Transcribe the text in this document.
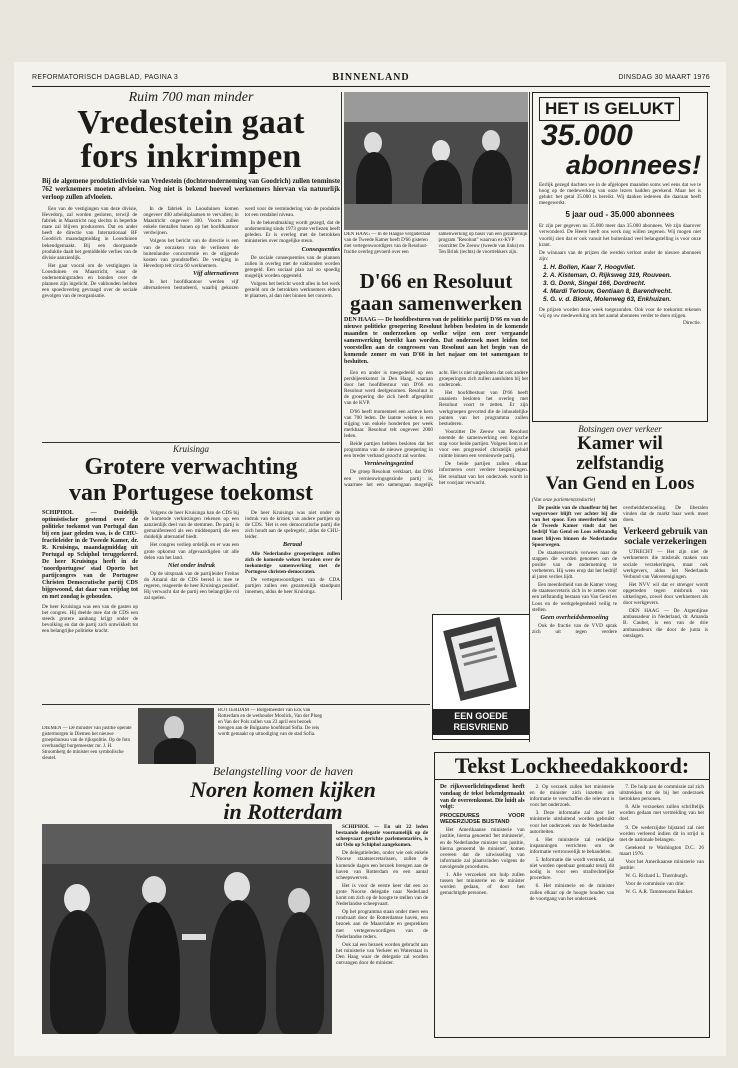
REFORMATORISCH DAGBLAD, PAGINA 3	BINNENLAND	DINSDAG 30 MAART 1976
Ruim 700 man minder
Vredestein gaat
fors inkrimpen
Bij de algemene produktiedivisie van Vredestein (dochteronderneming van Goodrich) zullen tenminste 762 werknemers moeten afvloeien. Nog niet is bekend hoeveel werknemers hiervan via natuurlijk verloop zullen afvloeien.

Een van de vestigingen van deze divisie, Hevedorp, zal worden gesloten, terwijl de fabriek in Maastricht nog slechts in beperkte mate zal blijven produceren. Dat en ander heeft de directie van Internationaal BF Goodrich maandagmiddag in Loosduinen bekendgemaakt. Bij een doorgaande produktie daalt het gemiddelde verlies van de divisie aanzienlijk.

Het gaat vooral om de vestigingen in Loosduinen en Maastricht, waar de ondernemingsraden en bonden over de plannen zijn ingelicht. De vakbonden hebben een spoedoverleg gevraagd over de sociale gevolgen van de reorganisatie.

In de fabriek in Loosduinen komen ongeveer 400 arbeidsplaatsen te vervallen; in Maastricht ongeveer 300. Voorts zullen enkele tientallen banen op het hoofdkantoor verdwijnen.

Volgens het bericht van de directie is een van de oorzaken van de verliezen de buitenlandse concurrentie en de stijgende kosten van grondstoffen. De vestiging in Hevedorp telt circa 60 werknemers.

Vijf alternatieven

In het hoofdkantoor werden vijf alternatieven bestudeerd, waarbij gekozen werd voor de vermindering van de produktie tot een rendabel niveau.

In de bekendmaking wordt gezegd, dat de onderneming sinds 1973 grote verliezen heeft geleden. Er is overleg met de betrokken ministeries over mogelijke steun.

Consequenties

De sociale consequenties van de plannen zullen in overleg met de vakbonden worden geregeld. Een sociaal plan zal zo spoedig mogelijk worden opgesteld.

Volgens het bericht wordt alles in het werk gesteld om de betrokken werknemers elders te plaatsen, al dan niet binnen het concern.

DEN HAAG — In de Haagse vergaderzaal van de Tweede Kamer heeft D'66 gisteren met vertegenwoordigers van de Resoluut-fractie overleg gevoerd over een samenwerking op basis van een gezamenlijk program "Resoluut" waarvan ex-KVP voorzitter De Zeeuw (tweede van links) en Ten Brink (rechts) de voortrekkers zijn.
D'66 en Resoluut
gaan samenwerken
DEN HAAG — De hoofdbesturen van de politieke partij D'66 en van de nieuwe politieke groepering Resoluut hebben besloten in de komende maanden te onderzoeken op welke wijze een zeer vergaande samenwerking bereikt kan worden. Dat onderzoek moet leiden tot voorstellen aan de congressen van Resoluut aan het begin van de komende zomer en van D'66 in het najaar om tot samengaan te besluiten.

Een en ander is meegedeeld op een persbijeenkomst in Den Haag, waaraan door het hoofdbestuur van D'66 en Resoluut werd deelgenomen. Resoluut is de groepering die zich heeft afgesplitst van de KVP.

D'66 heeft momenteel een actieve kern van 700 leden. De laatste weken is een stijging van enkele honderden per week merkbaar. Resoluut telt ongeveer 2000 leden.

Beide partijen hebben besloten dat het programma van de nieuwe groepering in een breder verband gezocht zal worden.

Verniewingsgezind

De groep Resoluut verklaart, dat D'66 een vernieuwingsgezinde partij is, waarmee het een samengaan mogelijk acht. Het is niet uitgesloten dat ook andere groeperingen zich zullen aansluiten bij het onderzoek.

Het hoofdbestuur van D'66 heeft unaniem besloten het overleg met Resoluut voort te zetten. Er zijn werkgroepen gevormd die de inhoudelijke punten van het programma zullen bestuderen.

Voorzitter De Zeeuw van Resoluut noemde de samenwerking een logische stap voor beide partijen. Volgens hem is er voor een progressief christelijk geluid ruimte binnen een vernieuwde partij.

De beide partijen zullen elkaar informeren over verdere besprekingen. Het resultaat van het onderzoek wordt in het voorjaar verwacht.

HET IS GELUKT
35.000
abonnees!
Eerlijk gezegd dachten we in de afgelopen maanden soms wel eens dat we te hoog op de medewerking van onze lezers hadden gerekend. Maar het is gelukt: het getal 35.000 is bereikt. Wij danken iedereen die daaraan heeft meegewerkt.
5 jaar oud - 35.000 abonnees
Er zijn per gegeven nu 35.000 meer dan 35.000 abonnees. We zijn daarover verwonderd. De Heere heeft ons werk nog willen zegenen. Wij mogen niet voorbij zien dat er ook vanuit het buitenland veel belangstelling is voor onze krant.
De winnaars van de prijzen die werden verloot onder de nieuwe abonnees zijn:
1. H. Bollen, Kaar 7, Hoogvliet.
2. A. Kisteman, O. Rijksweg 319, Rouveen.
3. G. Donk, Singel 166, Dordrecht.
4. Mardi Terlouw, Gentiaan 8, Barendrecht.
5. G. v. d. Blonk, Molenweg 63, Enkhuizen.
De prijzen worden deze week toegezonden. Ook voor de toekomst rekenen wij op uw medewerking om het aantal abonnees verder te doen stijgen.
Directie.
Kruisinga
Grotere verwachting
van Portugese toekomst
SCHIPHOL — Duidelijk optimistischer gestemd over de politieke toekomst van Portugal dan bij een jaar geleden was, is de CHU-fractieleider in de Tweede Kamer, dr. R. Kruisinga, maandagmiddag uit Portugal op Schiphol teruggekeerd. De heer Kruisinga heeft in de 'noordportugese' stad Oporto het partijcongres van de Portugese Christen Democratische partij CDS bijgewoond, dat daar van vrijdag tot en met zondag is gehouden.
De heer Kruisinga was een van de gasten op het congres. Hij deelde mee dat de CDS een steeds grotere aanhang krijgt onder de bevolking en dat de partij zich ontwikkelt tot een belangrijke politieke kracht.

Volgens de heer Kruisinga kan de CDS bij de komende verkiezingen rekenen op een aanzienlijk deel van de stemmen. De partij is gemanifesteerd als een middenpartij die een duidelijk alternatief biedt.

Het congres verliep ordelijk en er was een grote opkomst van afgevaardigden uit alle delen van het land.

Niet onder indruk

Op de uitspraak van de partijleider Freitas do Amaral dat de CDS bereid is mee te regeren, reageerde de heer Kruisinga positief. Hij verwacht dat de partij een belangrijke rol zal spelen.

De heer Kruisinga was niet onder de indruk van de kritiek van andere partijen op de CDS. 'Het is een democratische partij die zich houdt aan de spelregels', aldus de CHU-leider.

Beraad

Alle Nederlandse groeperingen zullen zich de komende weken beraden over de toekomstige samenwerking met de Portugese christen-democraten.

De vertegenwoordigers van de CDA partijen zullen een gezamenlijk standpunt innemen, aldus de heer Kruisinga.

Botsingen over verkeer
Kamer wil zelfstandig
Van Gend en Loos
(Van onze parlementsredactie)

De positie van de chauffeur bij het wegvervoer blijft ver achter bij die van het spoor. Een meerderheid van de Tweede Kamer vindt dat het bedrijf Van Gend en Loos zelfstandig moet blijven binnen de Nederlandse Spoorwegen.

De staatssecretaris verwees naar de stappen die worden genomen om de positie van de onderneming te verbeteren. Hij wees erop dat het bedrijf al jaren verlies lijdt.

Een meerderheid van de Kamer vroeg de staatssecretaris zich in te zetten voor een zelfstandig bestaan van Van Gend en Loos en de werkgelegenheid veilig te stellen.

Geen overheidsbemoeiing

Ook de fractie van de VVD sprak zich uit tegen verdere overheidsbemoeiing. De liberalen vinden dat de markt haar werk moet doen.

Verkeerd gebruik van sociale verzekeringen

UTRECHT — Het zijn niet de werknemers die misbruik maken van sociale verzekeringen, maar ook werkgevers, aldus het Nederlands Verbond van Vakverenigingen.

Het NVV wil dat er strenger wordt opgetreden tegen misbruik van uitkeringen, zowel door werknemers als door werkgevers.

DEN HAAG — De Argentijnse ambassadeur in Nederland, dr. Amanda B. Caubet, is een van de drie ambassadeurs die door de junta is ontslagen.

EEN GOEDE
REISVRIEND
DIEMEN — De minister van justitie opende gistermorgen in Diemen het nieuwe groepsbureau van de rijkspolitie. Op de foto overhandigt burgemeester mr. J. H. Stroomberg de minister een symbolische sleutel.
ROTTERDAM — Burgemeester van Eck van Rotterdam en de wethouder Moolick, Van der Ploeg en Van der Pols zullen van 23 april een bezoek brengen aan de Bulgaarse hoofdstad Sofia. De reis wordt gemaakt op uitnodiging van de stad Sofia.
Belangstelling voor de haven
Noren komen kijken
in Rotterdam

SCHIPHOL — En uit 22 leden bestaande delegatie voornamelijk op de scheepvaart gerichte parlementariërs, is uit Oslo op Schiphol aangekomen.

De delegatieleden, onder wie ook enkele Noorse staatssecretarissen, zullen de komende dagen een bezoek brengen aan de haven van Rotterdam en een aantal scheepswerven.

Het is voor de eerste keer dat een zo grote Noorse delegatie naar Nederland komt om zich op de hoogte te stellen van de Nederlandse scheepvaart.

Op het programma staan onder meer een rondvaart door de Rotterdamse haven, een bezoek aan de Maasvlakte en gesprekken met vertegenwoordigers van de Nederlandse reders.

Ook zal een bezoek worden gebracht aan het ministerie van Verkeer en Waterstaat in Den Haag waar de delegatie zal worden ontvangen door de minister.

Tekst Lockheedakkoord:

De rijksvoorlichtingsdienst heeft vandaag de tekst bekendgemaakt van de overeenkomst. Die luidt als volgt:

PROCEDURES VOOR WEDERZIJDSE BIJSTAND

Het Amerikaanse ministerie van justitie, hierna genoemd 'het ministerie', en de Nederlandse minister van justitie, hierna genoemd 'de minister', komen overeen dat de uitwisseling van informatie zal plaatsvinden volgens de navolgende procedures.

1. Alle verzoeken om hulp zullen tussen het ministerie en de minister worden gedaan, of door hen gemachtigde personen.

2. Op verzoek zullen het ministerie en de minister zich inzetten om informatie te verschaffen die relevant is voor het onderzoek.

3. Deze informatie zal door het ministerie uitsluitend worden gebruikt voor het onderzoek van de Nederlandse autoriteiten.

4. Het ministerie zal redelijke inspanningen verrichten om de informatie vertrouwelijk te behandelen.

5. Informatie die wordt verstrekt, zal niet worden openbaar gemaakt tenzij dit nodig is voor een strafrechtelijke procedure.

6. Het ministerie en de minister zullen elkaar op de hoogte houden van de voortgang van het onderzoek.

7. De hulp aan de commissie zal zich uitstrekken tot de bij het onderzoek betrokken personen.

8. Alle verzoeken zullen schriftelijk worden gedaan met vermelding van het doel.

9. De wederzijdse bijstand zal niet worden verleend indien dit in strijd is met de nationale belangen.

Getekend te Washington D.C. 26 maart 1976.

Voor het Amerikaanse ministerie van justitie:

W. G. Richard L. Thornburgh.

Voor de commissie van drie:

W. G. A.R. Tammenoms Bakker.
